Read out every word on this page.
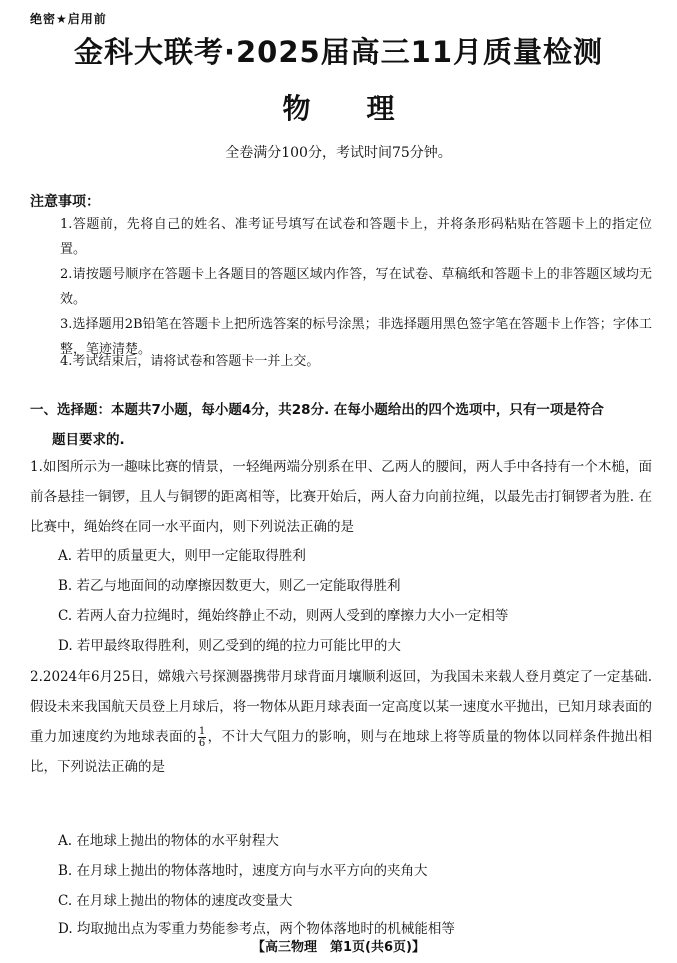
绝密★启用前
金科大联考·2025届高三11月质量检测
物 理
全卷满分100分，考试时间75分钟。
注意事项：
1.答题前，先将自己的姓名、准考证号填写在试卷和答题卡上，并将条形码粘贴在答题卡上的指定位置。
2.请按题号顺序在答题卡上各题目的答题区域内作答，写在试卷、草稿纸和答题卡上的非答题区域均无效。
3.选择题用2B铅笔在答题卡上把所选答案的标号涂黑；非选择题用黑色签字笔在答题卡上作答；字体工整，笔迹清楚。
4.考试结束后，请将试卷和答题卡一并上交。
一、选择题：本题共7小题，每小题4分，共28分. 在每小题给出的四个选项中，只有一项是符合
题目要求的.
1.如图所示为一趣味比赛的情景，一轻绳两端分别系在甲、乙两人的腰间，两人手中各持有一个木槌，面前各悬挂一铜锣，且人与铜锣的距离相等，比赛开始后，两人奋力向前拉绳，以最先击打铜锣者为胜. 在比赛中，绳始终在同一水平面内，则下列说法正确的是
A. 若甲的质量更大，则甲一定能取得胜利
B. 若乙与地面间的动摩擦因数更大，则乙一定能取得胜利
C. 若两人奋力拉绳时，绳始终静止不动，则两人受到的摩擦力大小一定相等
D. 若甲最终取得胜利，则乙受到的绳的拉力可能比甲的大
2.2024年6月25日，嫦娥六号探测器携带月球背面月壤顺利返回，为我国未来载人登月奠定了一定基础. 假设未来我国航天员登上月球后，将一物体从距月球表面一定高度以某一速度水平抛出，已知月球表面的重力加速度约为地球表面的 $\frac{1}{6}$ ，不计大气阻力的影响，则与在地球上将等质量的物体以同样条件抛出相比，下列说法正确的是
A. 在地球上抛出的物体的水平射程大
B. 在月球上抛出的物体落地时，速度方向与水平方向的夹角大
C. 在月球上抛出的物体的速度改变量大
D. 均取抛出点为零重力势能参考点，两个物体落地时的机械能相等
【高三物理　第1页(共6页)】
